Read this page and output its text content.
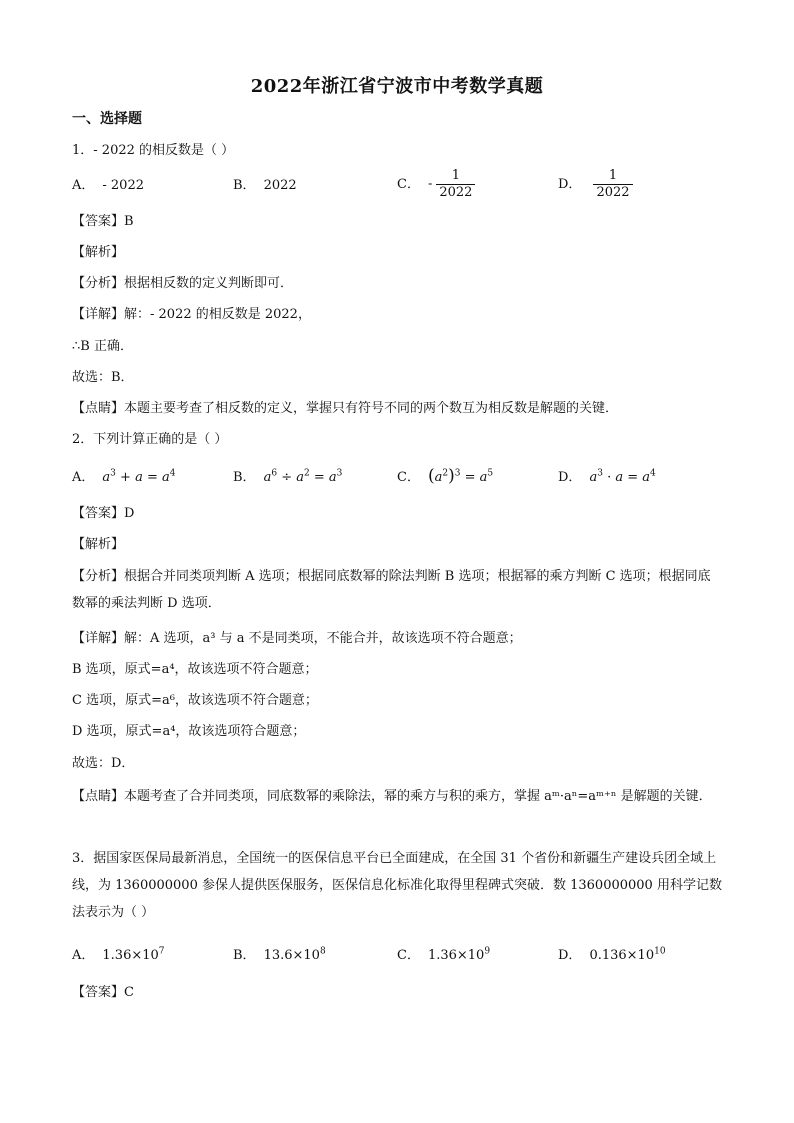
2022年浙江省宁波市中考数学真题
一、选择题
1．- 2022 的相反数是（ ）
A． - 2022	B． 2022	C． - $\frac{1}{2022}$	D． $\frac{1}{2022}$
【答案】B
【解析】
【分析】根据相反数的定义判断即可．
【详解】解：- 2022 的相反数是 2022，
∴B 正确．
故选：B．
【点睛】本题主要考查了相反数的定义，掌握只有符号不同的两个数互为相反数是解题的关键．
2．下列计算正确的是（ ）
A． $a^3 + a = a^4$	B． $a^6 \div a^2 = a^3$	C． $(a^2)^3 = a^5$	D． $a^3 \cdot a = a^4$
【答案】D
【解析】
【分析】根据合并同类项判断 A 选项；根据同底数幂的除法判断 B 选项；根据幂的乘方判断 C 选项；根据同底数幂的乘法判断 D 选项．
【详解】解：A 选项，a³ 与 a 不是同类项，不能合并，故该选项不符合题意；
B 选项，原式=a⁴，故该选项不符合题意；
C 选项，原式=a⁶，故该选项不符合题意；
D 选项，原式=a⁴，故该选项符合题意；
故选：D．
【点睛】本题考查了合并同类项，同底数幂的乘除法，幂的乘方与积的乘方，掌握 aᵐ·aⁿ=aᵐ⁺ⁿ 是解题的关键．
3．据国家医保局最新消息，全国统一的医保信息平台已全面建成，在全国 31 个省份和新疆生产建设兵团全域上线，为 1360000000 参保人提供医保服务，医保信息化标准化取得里程碑式突破．数 1360000000 用科学记数法表示为（ ）
A． $1.36\times 10^7$	B． $13.6\times 10^8$	C． $1.36\times 10^9$	D． $0.136\times 10^{10}$
【答案】C
